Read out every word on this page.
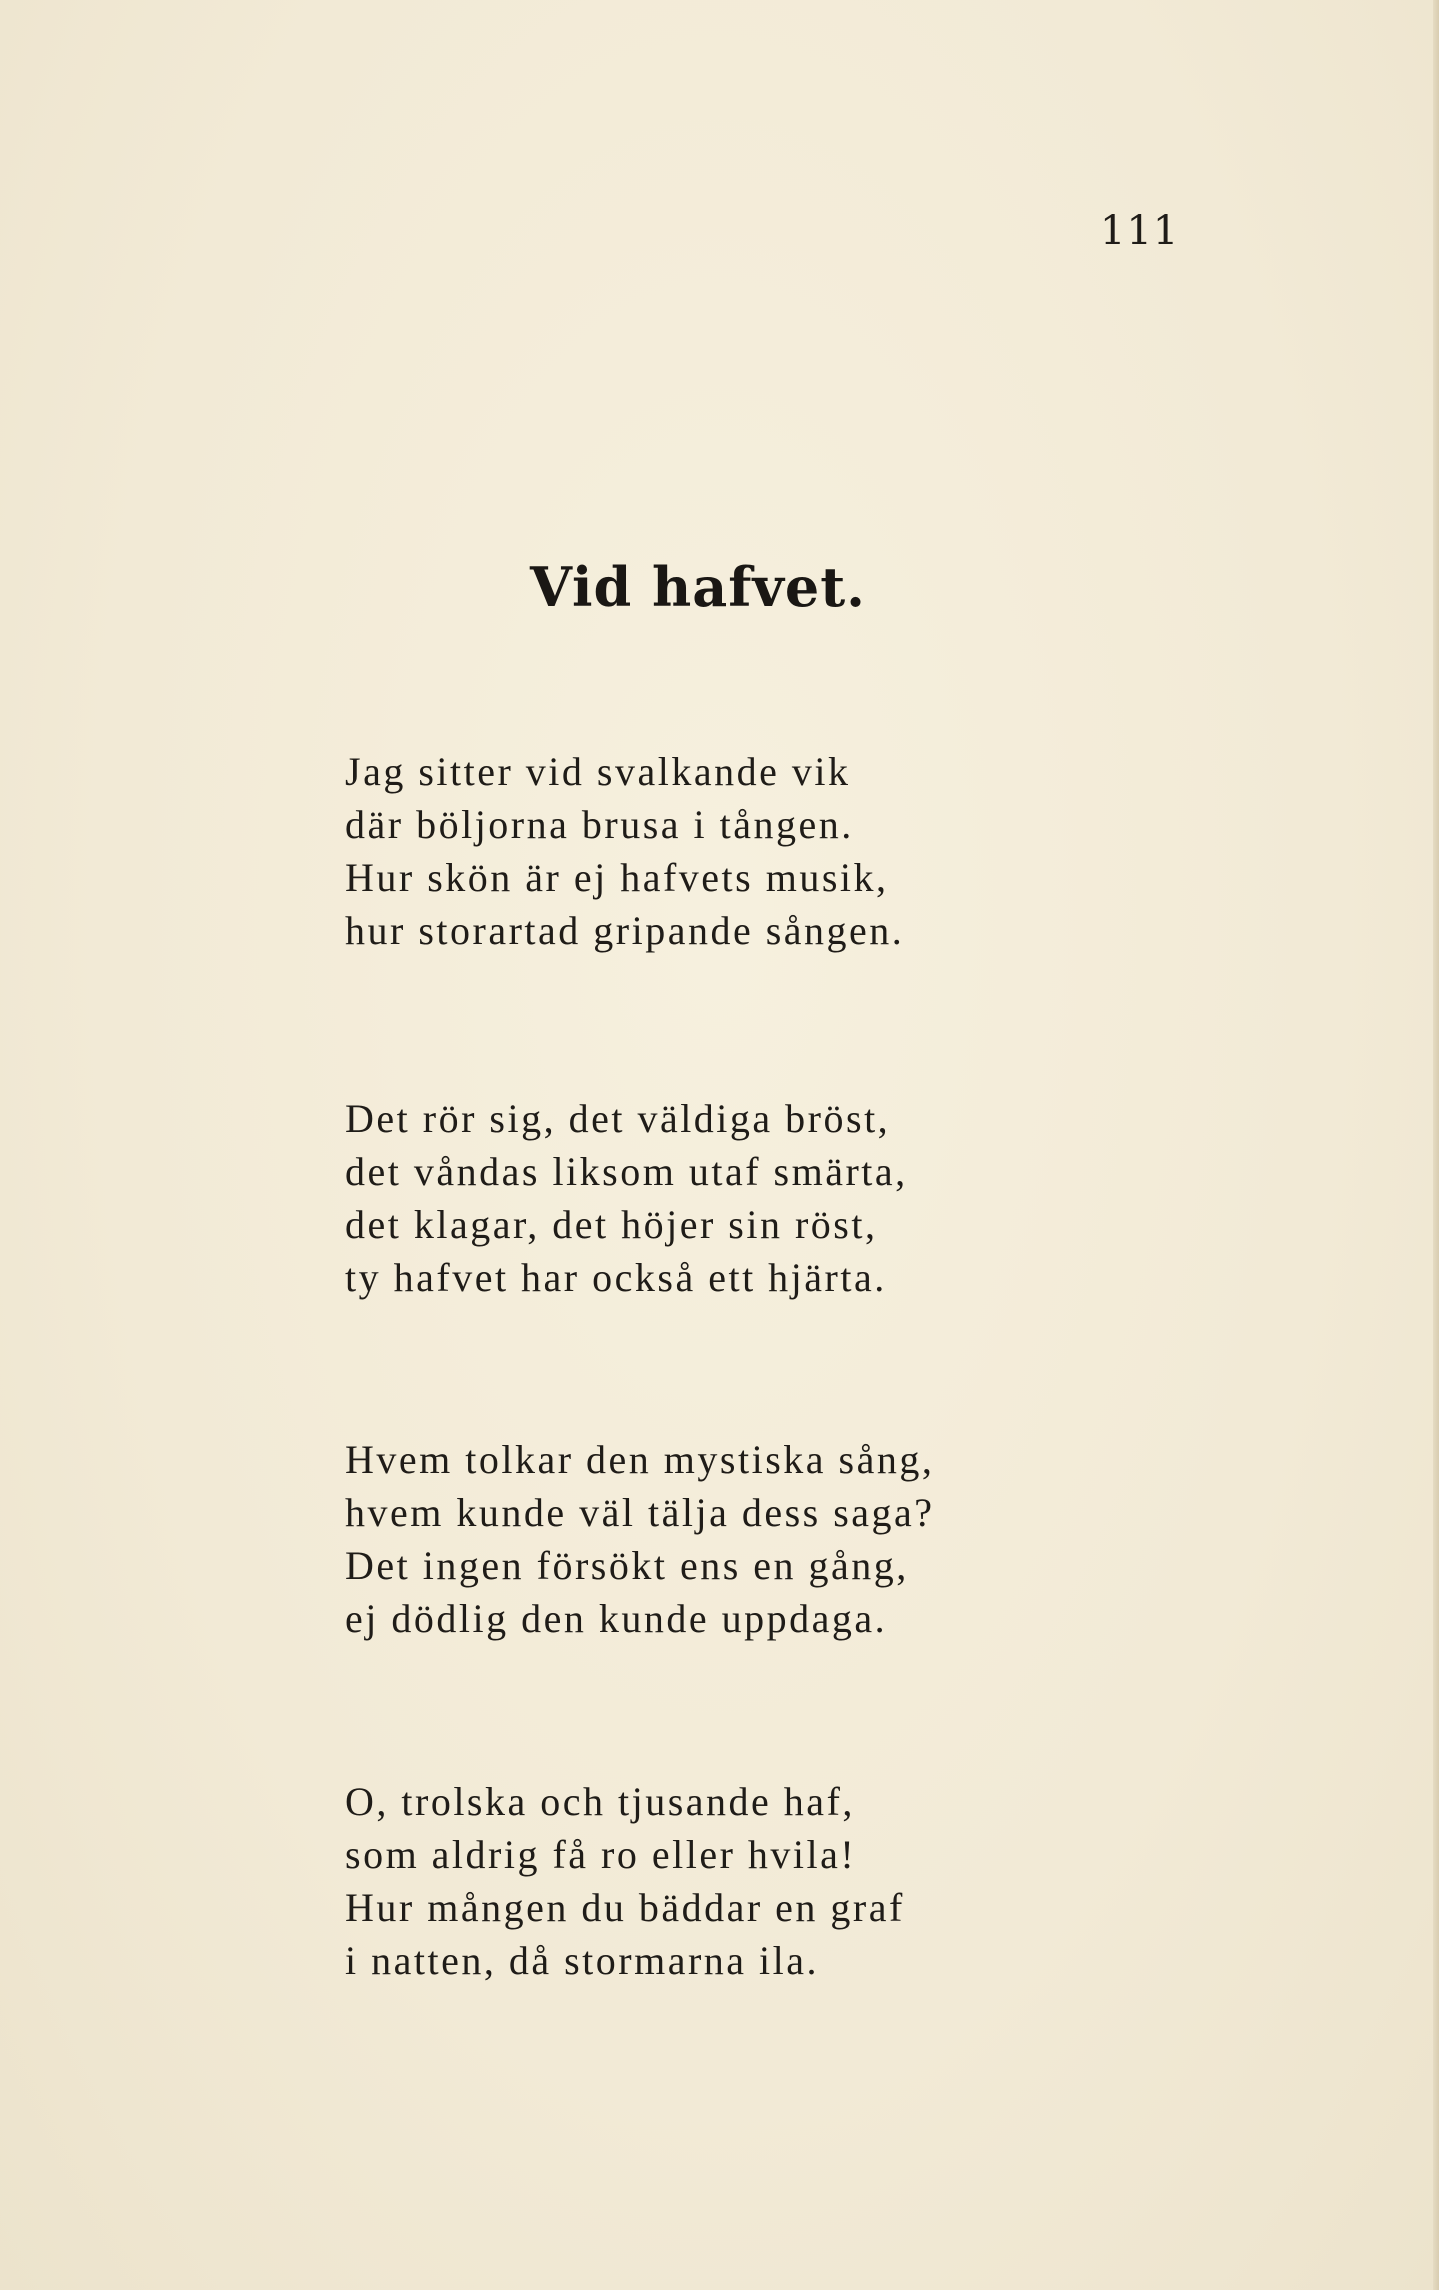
111
Vid hafvet.
Jag sitter vid svalkande vik
där böljorna brusa i tången.
Hur skön är ej hafvets musik,
hur storartad gripande sången.
Det rör sig, det väldiga bröst,
det våndas liksom utaf smärta,
det klagar, det höjer sin röst,
ty hafvet har också ett hjärta.
Hvem tolkar den mystiska sång,
hvem kunde väl tälja dess saga?
Det ingen försökt ens en gång,
ej dödlig den kunde uppdaga.
O, trolska och tjusande haf,
som aldrig få ro eller hvila!
Hur mången du bäddar en graf
i natten, då stormarna ila.
